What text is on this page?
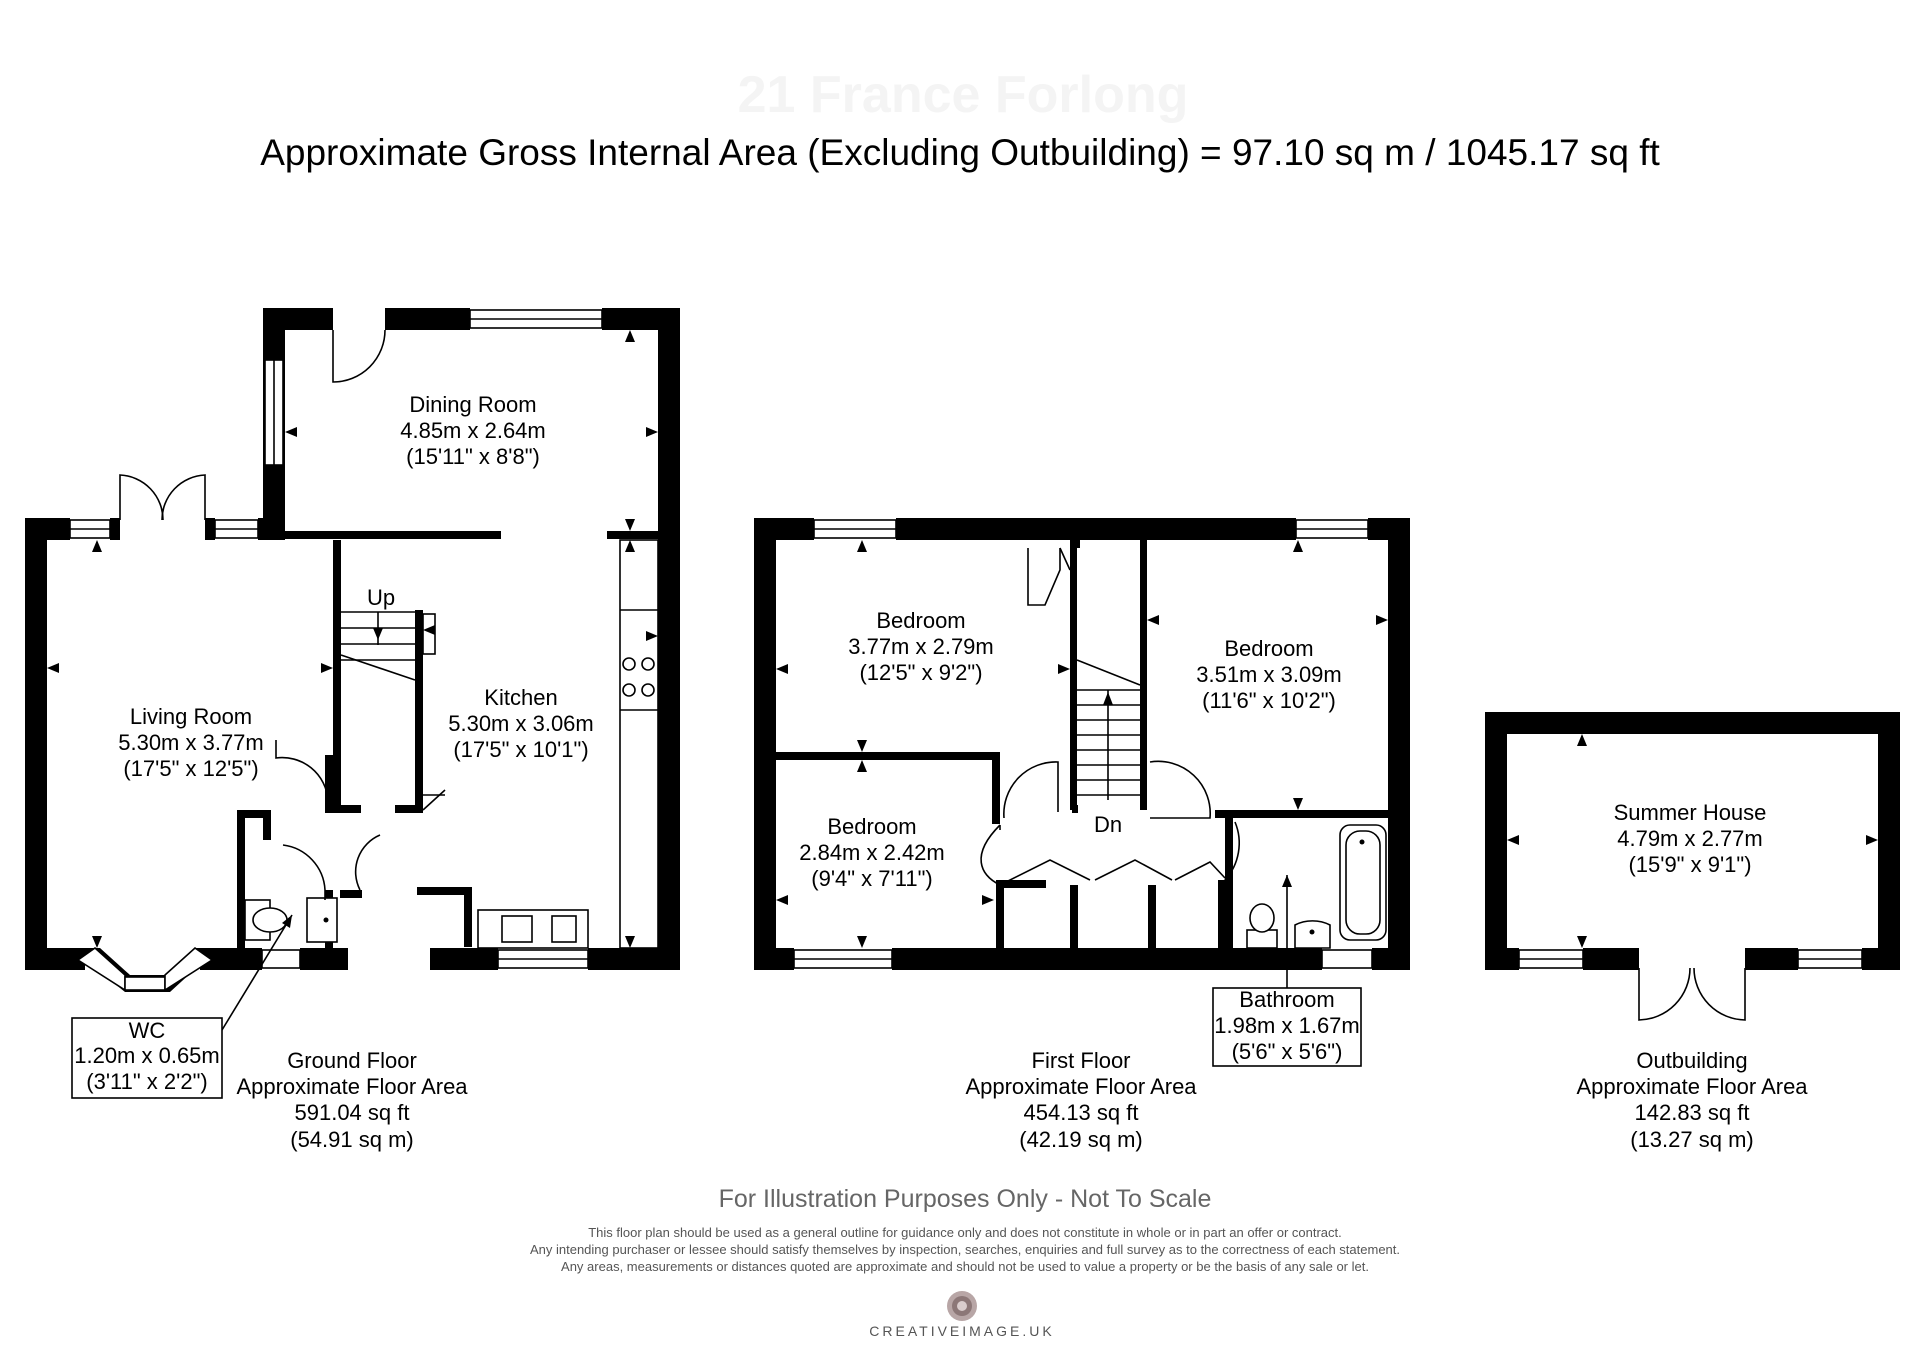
21 France Forlong
Approximate Gross Internal Area (Excluding Outbuilding) = 97.10 sq m / 1045.17 sq ft
Up
Dining Room
4.85m x 2.64m
(15'11" x 8'8")
Living Room
5.30m x 3.77m
(17'5" x 12'5")
Kitchen
5.30m x 3.06m
(17'5" x 10'1")
WC
1.20m x 0.65m
(3'11" x 2'2")
Ground Floor
Approximate Floor Area
591.04 sq ft
(54.91 sq m)
Dn
Bedroom
3.77m x 2.79m
(12'5" x 9'2")
Bedroom
3.51m x 3.09m
(11'6" x 10'2")
Bedroom
2.84m x 2.42m
(9'4" x 7'11")
Bathroom
1.98m x 1.67m
(5'6" x 5'6")
First Floor
Approximate Floor Area
454.13 sq ft
(42.19 sq m)
Summer House
4.79m x 2.77m
(15'9" x 9'1")
Outbuilding
Approximate Floor Area
142.83 sq ft
(13.27 sq m)
For Illustration Purposes Only - Not To Scale
This floor plan should be used as a general outline for guidance only and does not constitute in whole or in part an offer or contract.
Any intending purchaser or lessee should satisfy themselves by inspection, searches, enquiries and full survey as to the correctness of each statement.
Any areas, measurements or distances quoted are approximate and should not be used to value a property or be the basis of any sale or let.
CREATIVEIMAGE.UK
